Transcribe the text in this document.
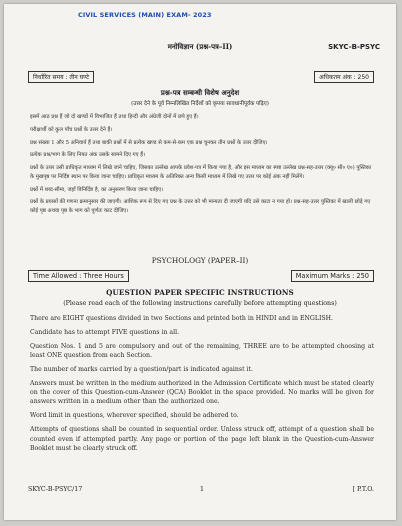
CIVIL SERVICES (MAIN) EXAM- 2023
SKYC-B-PSYC
मनोविज्ञान (प्रश्न-पत्र–II)
निर्धारित समय : तीन घण्टे	अधिकतम अंक : 250
प्रश्न-पत्र सम्बन्धी विशेष अनुदेश
(उत्तर देने के पूर्व निम्नलिखित निर्देशों को कृपया सावधानीपूर्वक पढ़िए)

इसमें आठ प्रश्न हैं जो दो खण्डों में विभाजित हैं तथा हिन्दी और अंग्रेजी दोनों में छपे हुए हैं।

परीक्षार्थी को कुल पाँच प्रश्नों के उत्तर देने हैं।

प्रश्न संख्या 1 और 5 अनिवार्य हैं तथा बाकी प्रश्नों में से प्रत्येक खण्ड से कम-से-कम एक प्रश्न चुनकर तीन प्रश्नों के उत्तर दीजिए।

प्रत्येक प्रश्न/भाग के लिए नियत अंक उसके सामने दिए गए हैं।

प्रश्नों के उत्तर उसी प्राधिकृत माध्यम में लिखे जाने चाहिए, जिसका उल्लेख आपके प्रवेश-पत्र में किया गया है, और इस माध्यम का स्पष्ट उल्लेख प्रश्न-सह-उत्तर (क्यू० सी० ए०) पुस्तिका के मुखपृष्ठ पर निर्दिष्ट स्थान पर किया जाना चाहिए। प्राधिकृत माध्यम के अतिरिक्त अन्य किसी माध्यम में लिखे गए उत्तर पर कोई अंक नहीं मिलेंगे।

प्रश्नों में शब्द-सीमा, जहाँ विनिर्दिष्ट है, का अनुसरण किया जाना चाहिए।

प्रश्नों के प्रयासों की गणना क्रमानुसार की जाएगी। आंशिक रूप से दिए गए प्रश्न के उत्तर को भी मान्यता दी जाएगी यदि उसे काटा न गया हो। प्रश्न-सह-उत्तर पुस्तिका में खाली छोड़े गए कोई पृष्ठ अथवा पृष्ठ के भाग को पूर्णतः काट दीजिए।

PSYCHOLOGY (PAPER–II)
Time Allowed : Three Hours	Maximum Marks : 250
QUESTION PAPER SPECIFIC INSTRUCTIONS
(Please read each of the following instructions carefully before attempting questions)

There are EIGHT questions divided in two Sections and printed both in HINDI and in ENGLISH.

Candidate has to attempt FIVE questions in all.

Question Nos. 1 and 5 are compulsory and out of the remaining, THREE are to be attempted choosing at least ONE question from each Section.

The number of marks carried by a question/part is indicated against it.

Answers must be written in the medium authorized in the Admission Certificate which must be stated clearly on the cover of this Question-cum-Answer (QCA) Booklet in the space provided. No marks will be given for answers written in a medium other than the authorized one.

Word limit in questions, wherever specified, should be adhered to.

Attempts of questions shall be counted in sequential order. Unless struck off, attempt of a question shall be counted even if attempted partly. Any page or portion of the page left blank in the Question-cum-Answer Booklet must be clearly struck off.

SKYC-B-PSYC/17	1	[ P.T.O.
